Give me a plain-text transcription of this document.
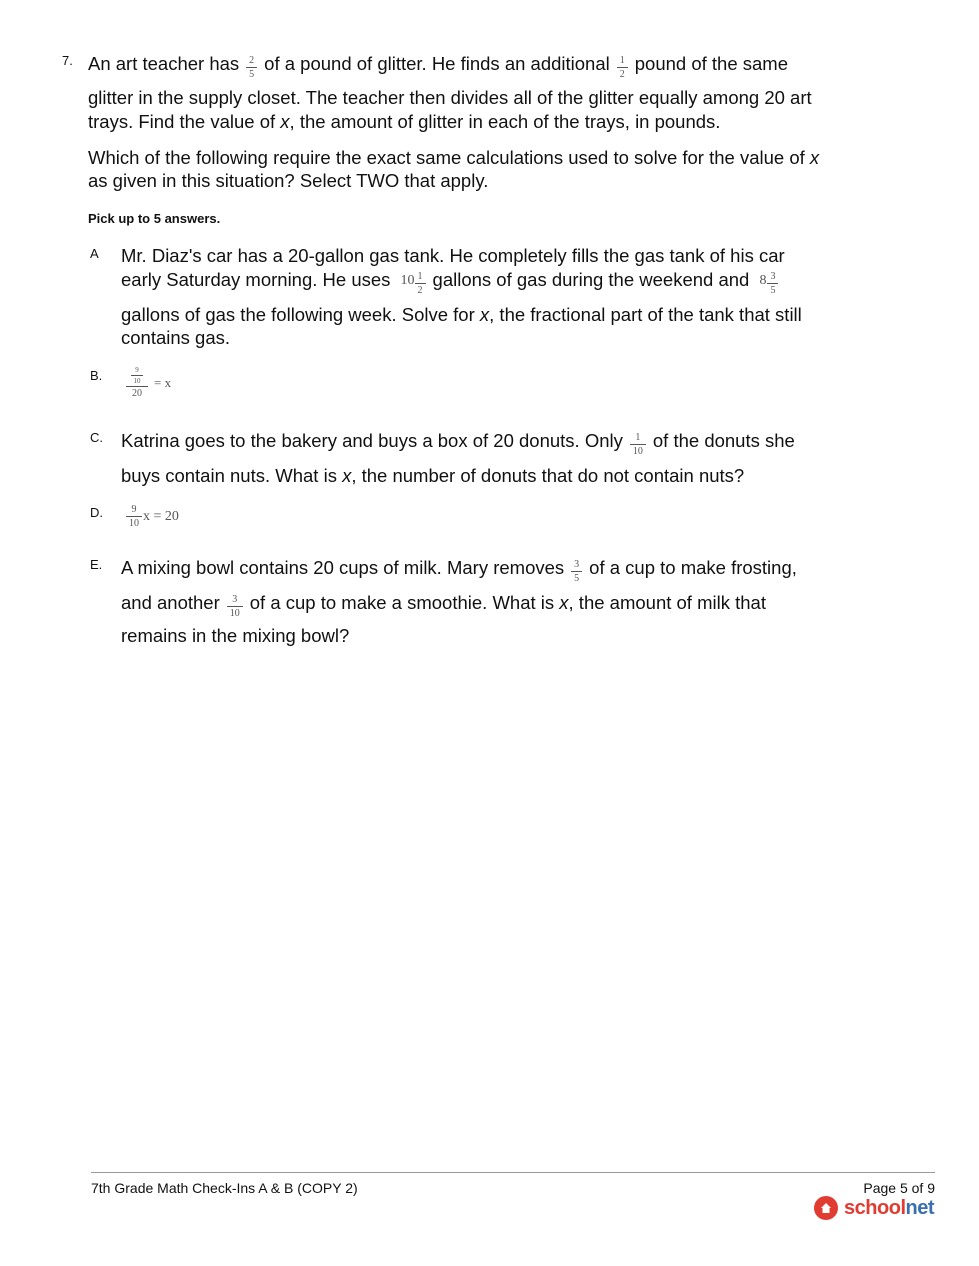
7. An art teacher has $\frac{2}{5}$ of a pound of glitter. He finds an additional $\frac{1}{2}$ pound of the same
glitter in the supply closet. The teacher then divides all of the glitter equally among 20 art
trays. Find the value of x, the amount of glitter in each of the trays, in pounds.
Which of the following require the exact same calculations used to solve for the value of x
as given in this situation? Select TWO that apply.
Pick up to 5 answers.
A Mr. Diaz's car has a 20-gallon gas tank. He completely fills the gas tank of his car
early Saturday morning. He uses $10 \frac{1}{2}$ gallons of gas during the weekend and $8 \frac{3}{5}$
gallons of gas the following week. Solve for x, the fractional part of the tank that still
contains gas.
B.	9
10
20 = x
C. Katrina goes to the bakery and buys a box of 20 donuts. Only $\frac{1}{10}$ of the donuts she
buys contain nuts. What is x, the number of donuts that do not contain nuts?
D. $\frac{9}{10}$ x = 20
E. A mixing bowl contains 20 cups of milk. Mary removes $\frac{3}{5}$ of a cup to make frosting,
and another $\frac{3}{10}$ of a cup to make a smoothie. What is x, the amount of milk that
remains in the mixing bowl?
7th Grade Math Check-Ins A & B (COPY 2)	Page 5 of 9
schoolnet
